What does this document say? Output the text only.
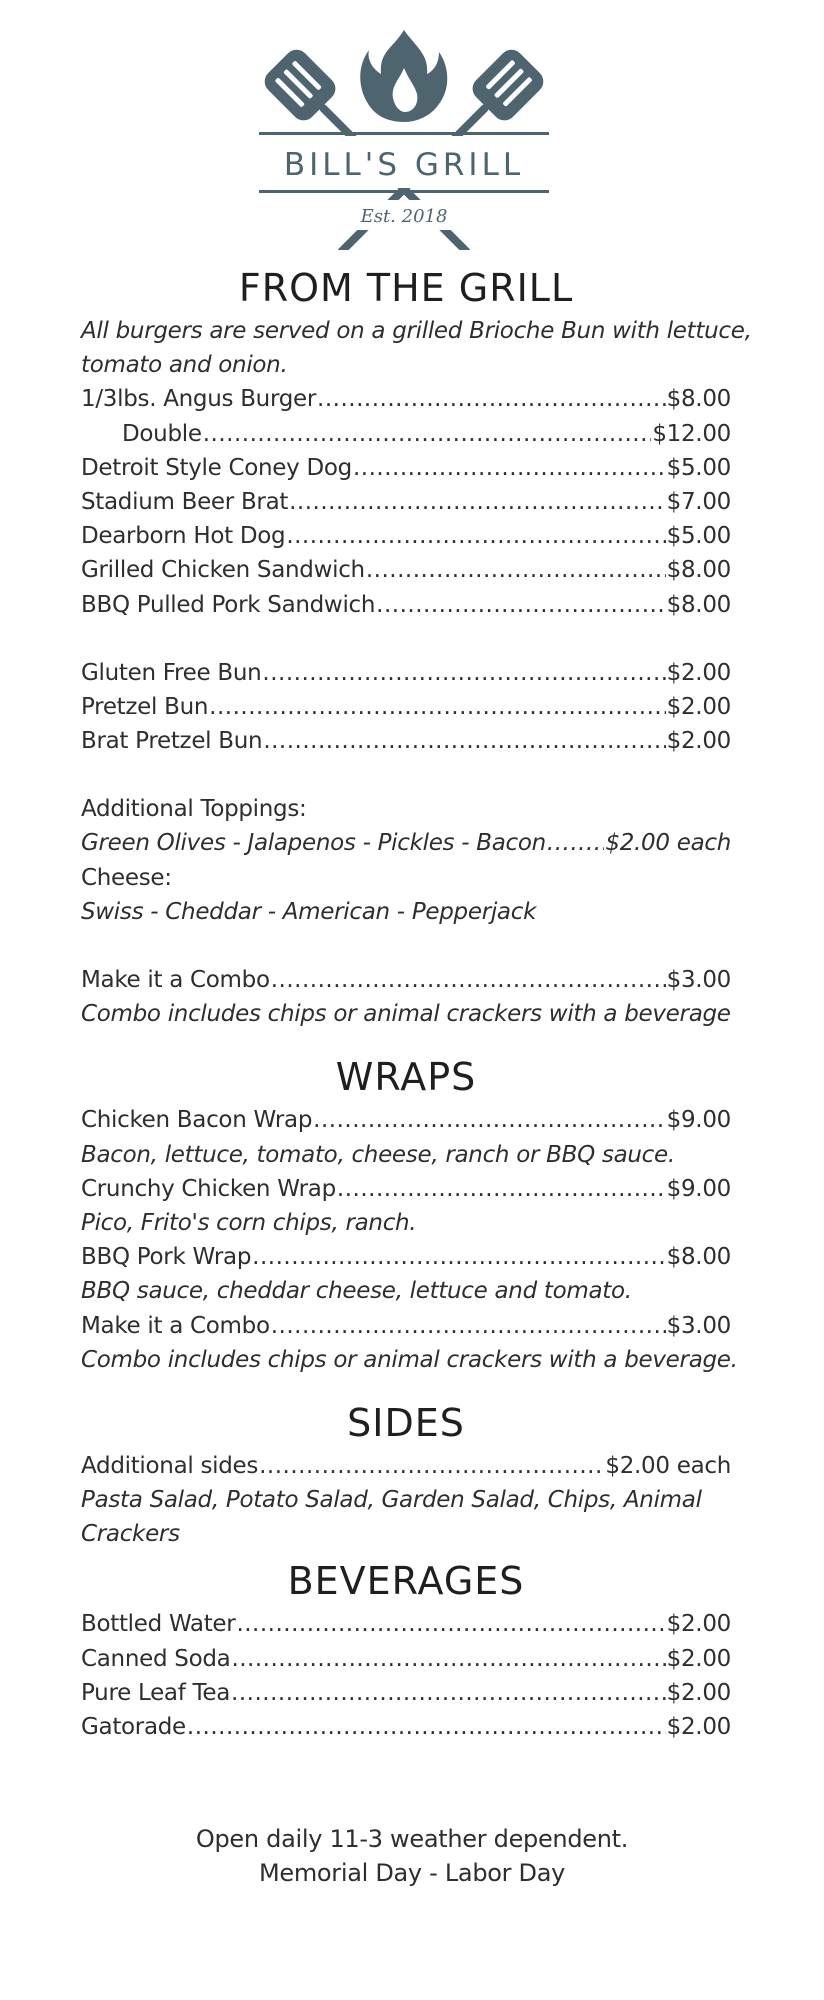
BILL'S GRILL
Est. 2018
FROM THE GRILL
All burgers are served on a grilled Brioche Bun with lettuce,
tomato and onion.
1/3lbs. Angus Burger .....	$8.00
Double .....	$12.00
Detroit Style Coney Dog .....	$5.00
Stadium Beer Brat .....	$7.00
Dearborn Hot Dog .....	$5.00
Grilled Chicken Sandwich .....	$8.00
BBQ Pulled Pork Sandwich .....	$8.00
Gluten Free Bun .....	$2.00
Pretzel Bun .....	$2.00
Brat Pretzel Bun .....	$2.00
Additional Toppings:
Green Olives - Jalapenos - Pickles - Bacon .....	$2.00 each
Cheese:
Swiss - Cheddar - American - Pepperjack
Make it a Combo .....	$3.00
Combo includes chips or animal crackers with a beverage
WRAPS
Chicken Bacon Wrap .....	$9.00
Bacon, lettuce, tomato, cheese, ranch or BBQ sauce.
Crunchy Chicken Wrap .....	$9.00
Pico, Frito's corn chips, ranch.
BBQ Pork Wrap .....	$8.00
BBQ sauce, cheddar cheese, lettuce and tomato.
Make it a Combo .....	$3.00
Combo includes chips or animal crackers with a beverage.
SIDES
Additional sides .....	$2.00 each
Pasta Salad, Potato Salad, Garden Salad, Chips, Animal
Crackers
BEVERAGES
Bottled Water .....	$2.00
Canned Soda .....	$2.00
Pure Leaf Tea .....	$2.00
Gatorade .....	$2.00
Open daily 11-3 weather dependent.
Memorial Day - Labor Day
